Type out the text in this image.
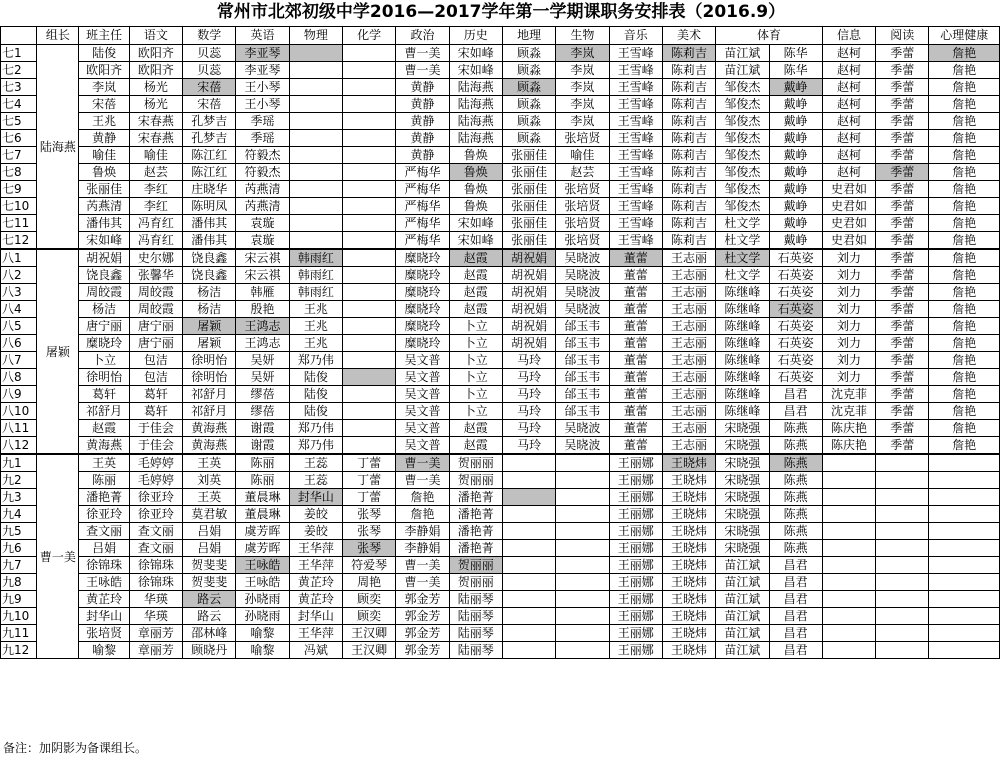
常州市北郊初级中学2016—2017学年第一学期课职务安排表（2016.9）
	组长	班主任	语文	数学	英语	物理	化学	政治	历史	地理	生物	音乐	美术	体育		信息	阅读	心理健康
七1	陆海燕	陆俊	欧阳齐	贝蕊	李亚琴			曹一美	宋如峰	顾淼	李岚	王雪峰	陈莉吉	苗江斌	陈华	赵柯	季蕾	詹艳
七2		欧阳齐	欧阳齐	贝蕊	李亚琴			曹一美	宋如峰	顾淼	李岚	王雪峰	陈莉吉	苗江斌	陈华	赵柯	季蕾	詹艳
七3		李岚	杨光	宋蓓	王小琴			黄静	陆海燕	顾淼	李岚	王雪峰	陈莉吉	邹俊杰	戴峥	赵柯	季蕾	詹艳
七4		宋蓓	杨光	宋蓓	王小琴			黄静	陆海燕	顾淼	李岚	王雪峰	陈莉吉	邹俊杰	戴峥	赵柯	季蕾	詹艳
七5		王兆	宋春燕	孔梦吉	季瑶			黄静	陆海燕	顾淼	李岚	王雪峰	陈莉吉	邹俊杰	戴峥	赵柯	季蕾	詹艳
七6		黄静	宋春燕	孔梦吉	季瑶			黄静	陆海燕	顾淼	张培贤	王雪峰	陈莉吉	邹俊杰	戴峥	赵柯	季蕾	詹艳
七7		喻佳	喻佳	陈江红	符毅杰			黄静	鲁焕	张丽佳	喻佳	王雪峰	陈莉吉	邹俊杰	戴峥	赵柯	季蕾	詹艳
七8		鲁焕	赵芸	陈江红	符毅杰			严梅华	鲁焕	张丽佳	赵芸	王雪峰	陈莉吉	邹俊杰	戴峥	赵柯	季蕾	詹艳
七9		张丽佳	李红	庄晓华	芮燕清			严梅华	鲁焕	张丽佳	张培贤	王雪峰	陈莉吉	邹俊杰	戴峥	史君如	季蕾	詹艳
七10		芮燕清	李红	陈明凤	芮燕清			严梅华	鲁焕	张丽佳	张培贤	王雪峰	陈莉吉	邹俊杰	戴峥	史君如	季蕾	詹艳
七11		潘伟其	冯育红	潘伟其	袁璇			严梅华	宋如峰	张丽佳	张培贤	王雪峰	陈莉吉	杜文学	戴峥	史君如	季蕾	詹艳
七12		宋如峰	冯育红	潘伟其	袁璇			严梅华	宋如峰	张丽佳	张培贤	王雪峰	陈莉吉	杜文学	戴峥	史君如	季蕾	詹艳
八1	屠颖	胡祝娟	史尔娜	饶良鑫	宋云祺	韩雨红		糜晓玲	赵霞	胡祝娟	吴晓波	董蕾	王志丽	杜文学	石英姿	刘力	季蕾	詹艳
八2		饶良鑫	张馨华	饶良鑫	宋云祺	韩雨红		糜晓玲	赵霞	胡祝娟	吴晓波	董蕾	王志丽	杜文学	石英姿	刘力	季蕾	詹艳
八3		周皎霞	周皎霞	杨洁	韩雁	韩雨红		糜晓玲	赵霞	胡祝娟	吴晓波	董蕾	王志丽	陈继峰	石英姿	刘力	季蕾	詹艳
八4		杨洁	周皎霞	杨洁	殷艳	王兆		糜晓玲	赵霞	胡祝娟	吴晓波	董蕾	王志丽	陈继峰	石英姿	刘力	季蕾	詹艳
八5		唐宁丽	唐宁丽	屠颖	王鸿志	王兆		糜晓玲	卜立	胡祝娟	邰玉韦	董蕾	王志丽	陈继峰	石英姿	刘力	季蕾	詹艳
八6		糜晓玲	唐宁丽	屠颖	王鸿志	王兆		糜晓玲	卜立	胡祝娟	邰玉韦	董蕾	王志丽	陈继峰	石英姿	刘力	季蕾	詹艳
八7		卜立	包洁	徐明怡	吴妍	郑乃伟		吴文普	卜立	马玲	邰玉韦	董蕾	王志丽	陈继峰	石英姿	刘力	季蕾	詹艳
八8		徐明怡	包洁	徐明怡	吴妍	陆俊		吴文普	卜立	马玲	邰玉韦	董蕾	王志丽	陈继峰	石英姿	刘力	季蕾	詹艳
八9		葛轩	葛轩	祁舒月	缪蓓	陆俊		吴文普	卜立	马玲	邰玉韦	董蕾	王志丽	陈继峰	昌君	沈克菲	季蕾	詹艳
八10		祁舒月	葛轩	祁舒月	缪蓓	陆俊		吴文普	卜立	马玲	邰玉韦	董蕾	王志丽	陈继峰	昌君	沈克菲	季蕾	詹艳
八11		赵霞	于佳会	黄海燕	谢霞	郑乃伟		吴文普	赵霞	马玲	吴晓波	董蕾	王志丽	宋晓强	陈燕	陈庆艳	季蕾	詹艳
八12		黄海燕	于佳会	黄海燕	谢霞	郑乃伟		吴文普	赵霞	马玲	吴晓波	董蕾	王志丽	宋晓强	陈燕	陈庆艳	季蕾	詹艳
九1	曹一美	王英	毛婷婷	王英	陈丽	王蕊	丁蕾	曹一美	贺丽丽			王丽娜	王晓炜	宋晓强	陈燕			
九2		陈丽	毛婷婷	刘英	陈丽	王蕊	丁蕾	曹一美	贺丽丽			王丽娜	王晓炜	宋晓强	陈燕			
九3		潘艳菁	徐亚玲	王英	董晨琳	封华山	丁蕾	詹艳	潘艳菁			王丽娜	王晓炜	宋晓强	陈燕			
九4		徐亚玲	徐亚玲	莫君敏	董晨琳	姜皎	张琴	詹艳	潘艳菁			王丽娜	王晓炜	宋晓强	陈燕			
九5		查文丽	查文丽	吕娟	虞芳晖	姜皎	张琴	李静娟	潘艳菁			王丽娜	王晓炜	宋晓强	陈燕			
九6		吕娟	查文丽	吕娟	虞芳晖	王华萍	张琴	李静娟	潘艳菁			王丽娜	王晓炜	宋晓强	陈燕			
九7		徐锦珠	徐锦珠	贺斐斐	王咏皓	王华萍	符爱琴	曹一美	贺丽丽			王丽娜	王晓炜	苗江斌	昌君			
九8		王咏皓	徐锦珠	贺斐斐	王咏皓	黄芷玲	周艳	曹一美	贺丽丽			王丽娜	王晓炜	苗江斌	昌君			
九9		黄芷玲	华瑛	路云	孙晓雨	黄芷玲	顾奕	郭金芳	陆丽琴			王丽娜	王晓炜	苗江斌	昌君			
九10		封华山	华瑛	路云	孙晓雨	封华山	顾奕	郭金芳	陆丽琴			王丽娜	王晓炜	苗江斌	昌君			
九11		张培贤	章丽芳	邵林峰	喻黎	王华萍	王汉卿	郭金芳	陆丽琴			王丽娜	王晓炜	苗江斌	昌君			
九12		喻黎	章丽芳	顾晓丹	喻黎	冯斌	王汉卿	郭金芳	陆丽琴			王丽娜	王晓炜	苗江斌	昌君			
备注：加阴影为备课组长。
